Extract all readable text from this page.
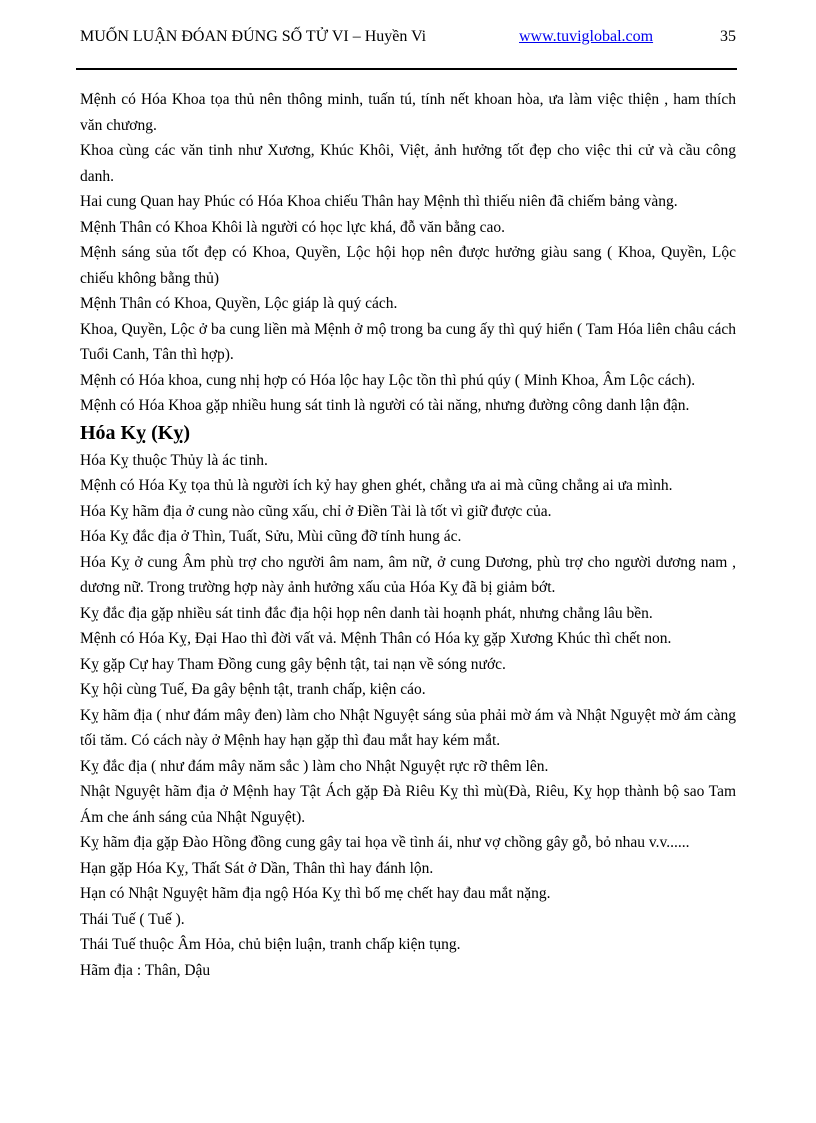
MUỐN LUẬN ĐÓAN ĐÚNG SỐ TỬ VI – Huyền Vi	www.tuviglobal.com	35

Mệnh có Hóa Khoa tọa thủ nên thông minh, tuấn tú, tính nết khoan hòa, ưa làm việc thiện , ham thích văn chương.

Khoa cùng các văn tinh như Xương, Khúc Khôi, Việt, ảnh hưởng tốt đẹp cho việc thi cử và cầu công danh.

Hai cung Quan hay Phúc có Hóa Khoa chiếu Thân hay Mệnh thì thiếu niên đã chiếm bảng vàng.

Mệnh Thân có Khoa Khôi là người có học lực khá, đỗ văn bằng cao.

Mệnh sáng sủa tốt đẹp có Khoa, Quyền, Lộc hội họp nên được hưởng giàu sang ( Khoa, Quyền, Lộc chiếu không bằng thủ)

Mệnh Thân có Khoa, Quyền, Lộc giáp là quý cách.

Khoa, Quyền, Lộc ở ba cung liền mà Mệnh ở mộ trong ba cung ấy thì quý hiển ( Tam Hóa liên châu cách Tuổi Canh, Tân thì hợp).

Mệnh có Hóa khoa, cung nhị hợp có Hóa lộc hay Lộc tồn thì phú qúy ( Minh Khoa, Âm Lộc cách).

Mệnh có Hóa Khoa gặp nhiều hung sát tinh là người có tài năng, nhưng đường công danh lận đận.

Hóa Kỵ (Kỵ)

Hóa Kỵ thuộc Thủy là ác tinh.

Mệnh có Hóa Kỵ tọa thủ là người ích kỷ hay ghen ghét, chẳng ưa ai mà cũng chẳng ai ưa mình.

Hóa Kỵ hãm địa ở cung nào cũng xấu, chỉ ở Điền Tài là tốt vì giữ được của.

Hóa Kỵ đắc địa ở Thìn, Tuất, Sửu, Mùi cũng đỡ tính hung ác.

Hóa Kỵ ở cung Âm phù trợ cho người âm nam, âm nữ, ở cung Dương, phù trợ cho người dương nam , dương nữ. Trong trường hợp này ảnh hưởng xấu của Hóa Kỵ đã bị giảm bớt.

Kỵ đắc địa gặp nhiều sát tinh đắc địa hội họp nên danh tài hoạnh phát, nhưng chẳng lâu bền.

Mệnh có Hóa Kỵ, Đại Hao thì đời vất vả. Mệnh Thân có Hóa kỵ gặp Xương Khúc thì chết non.

Kỵ gặp Cự hay Tham Đồng cung gây bệnh tật, tai nạn về sóng nước.

Kỵ hội cùng Tuế, Đa gây bệnh tật, tranh chấp, kiện cáo.

Kỵ hãm địa ( như đám mây đen) làm cho Nhật Nguyệt sáng sủa phải mờ ám và Nhật Nguyệt mờ ám càng tối tăm. Có cách này ở Mệnh hay hạn gặp thì đau mắt hay kém mắt.

Kỵ đắc địa ( như đám mây năm sắc ) làm cho Nhật Nguyệt rực rỡ thêm lên.

Nhật Nguyệt hãm địa ở Mệnh hay Tật Ách gặp Đà Riêu Kỵ thì mù(Đà, Riêu, Kỵ họp thành bộ sao Tam Ám che ánh sáng của Nhật Nguyệt).

Kỵ hãm địa gặp Đào Hồng đồng cung gây tai họa về tình ái, như vợ chồng gây gỗ, bỏ nhau v.v......

Hạn gặp Hóa Kỵ, Thất Sát ở Dần, Thân thì hay đánh lộn.

Hạn có Nhật Nguyệt hãm địa ngộ Hóa Kỵ thì bố mẹ chết hay đau mắt nặng.

Thái Tuế ( Tuế ).

Thái Tuế thuộc Âm Hỏa, chủ biện luận, tranh chấp kiện tụng.

Hãm địa : Thân, Dậu
